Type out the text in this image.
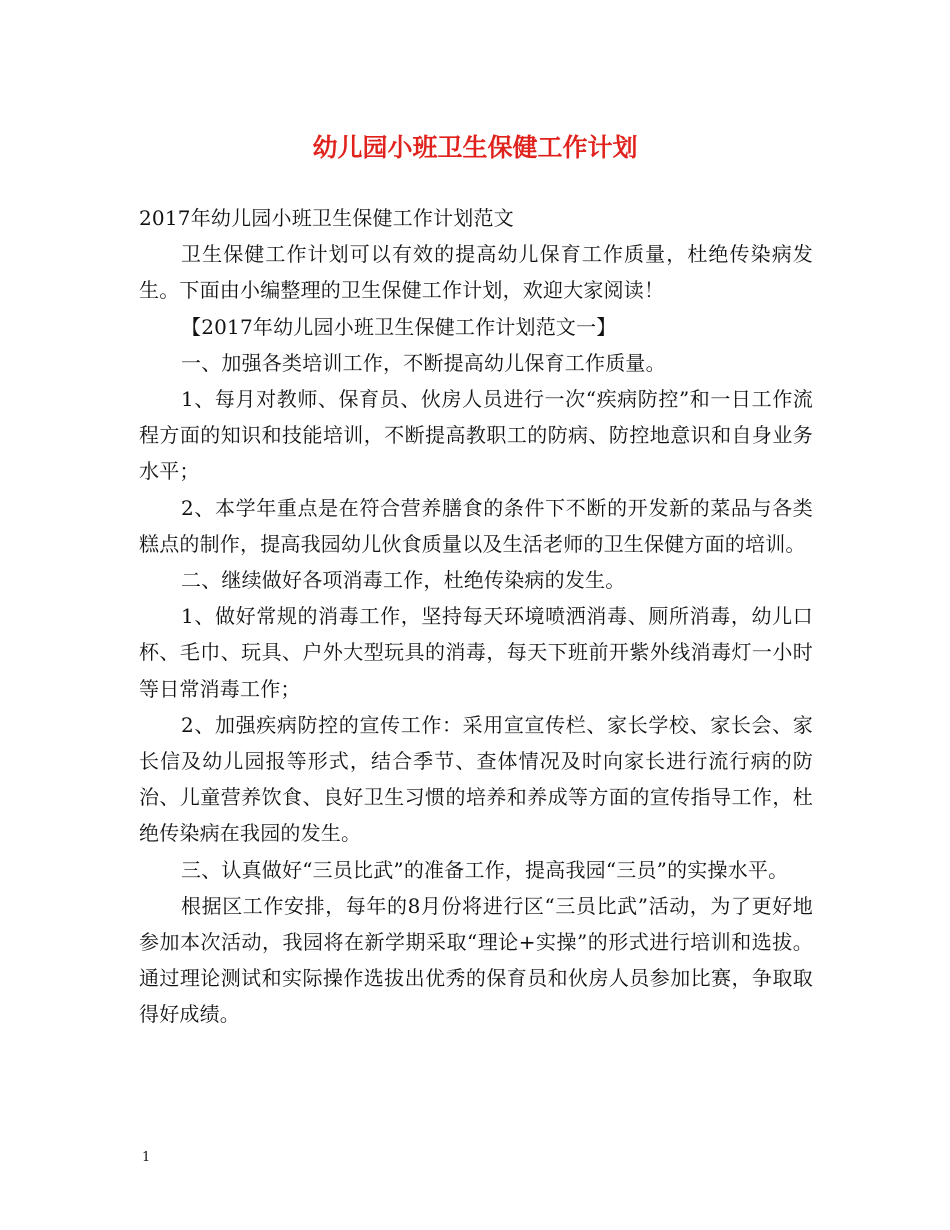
幼儿园小班卫生保健工作计划

2017年幼儿园小班卫生保健工作计划范文

卫生保健工作计划可以有效的提高幼儿保育工作质量，杜绝传染病发生。下面由小编整理的卫生保健工作计划，欢迎大家阅读！

【2017年幼儿园小班卫生保健工作计划范文一】

一、加强各类培训工作，不断提高幼儿保育工作质量。

1、每月对教师、保育员、伙房人员进行一次“疾病防控”和一日工作流程方面的知识和技能培训，不断提高教职工的防病、防控地意识和自身业务水平；

2、本学年重点是在符合营养膳食的条件下不断的开发新的菜品与各类糕点的制作，提高我园幼儿伙食质量以及生活老师的卫生保健方面的培训。

二、继续做好各项消毒工作，杜绝传染病的发生。

1、做好常规的消毒工作，坚持每天环境喷洒消毒、厕所消毒，幼儿口杯、毛巾、玩具、户外大型玩具的消毒，每天下班前开紫外线消毒灯一小时等日常消毒工作；

2、加强疾病防控的宣传工作：采用宣宣传栏、家长学校、家长会、家长信及幼儿园报等形式，结合季节、查体情况及时向家长进行流行病的防治、儿童营养饮食、良好卫生习惯的培养和养成等方面的宣传指导工作，杜绝传染病在我园的发生。

三、认真做好“三员比武”的准备工作，提高我园“三员”的实操水平。

根据区工作安排，每年的8月份将进行区“三员比武”活动，为了更好地参加本次活动，我园将在新学期采取“理论+实操”的形式进行培训和选拔。通过理论测试和实际操作选拔出优秀的保育员和伙房人员参加比赛，争取取得好成绩。

1
